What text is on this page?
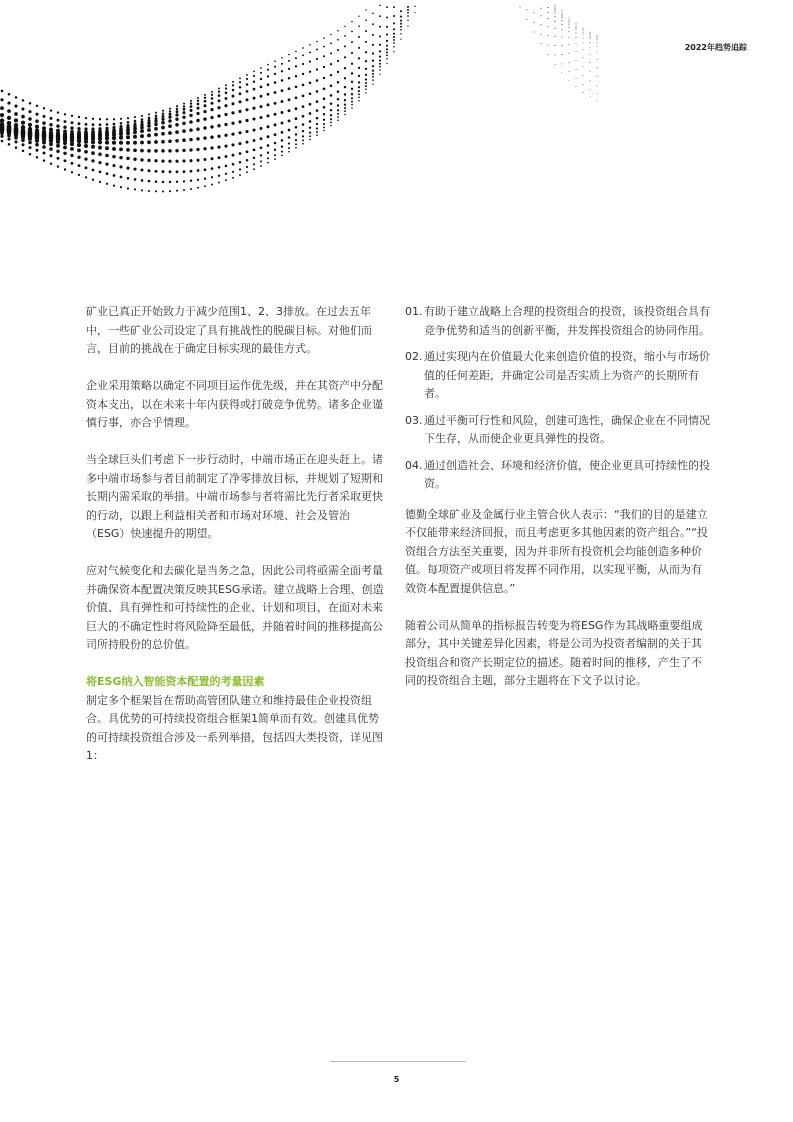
2022年趋势追踪

矿业已真正开始致力于减少范围1、2、3排放。在过去五年中，一些矿业公司设定了具有挑战性的脱碳目标。对他们而言，目前的挑战在于确定目标实现的最佳方式。

企业采用策略以确定不同项目运作优先级，并在其资产中分配资本支出，以在未来十年内获得或打破竞争优势。诸多企业谨慎行事，亦合乎情理。

当全球巨头们考虑下一步行动时，中端市场正在迎头赶上。诸多中端市场参与者目前制定了净零排放目标，并规划了短期和长期内需采取的举措。中端市场参与者将需比先行者采取更快的行动，以跟上利益相关者和市场对环境、社会及管治（ESG）快速提升的期望。

应对气候变化和去碳化是当务之急，因此公司将亟需全面考量并确保资本配置决策反映其ESG承诺。建立战略上合理、创造价值、具有弹性和可持续性的企业、计划和项目，在面对未来巨大的不确定性时将风险降至最低，并随着时间的推移提高公司所持股份的总价值。

将ESG纳入智能资本配置的考量因素

制定多个框架旨在帮助高管团队建立和维持最佳企业投资组合。具优势的可持续投资组合框架1简单而有效。创建具优势的可持续投资组合涉及一系列举措，包括四大类投资，详见图1：

01. 有助于建立战略上合理的投资组合的投资，该投资组合具有竞争优势和适当的创新平衡，并发挥投资组合的协同作用。
02. 通过实现内在价值最大化来创造价值的投资，缩小与市场价值的任何差距，并确定公司是否实质上为资产的长期所有者。
03. 通过平衡可行性和风险，创建可选性，确保企业在不同情况下生存，从而使企业更具弹性的投资。
04. 通过创造社会、环境和经济价值，使企业更具可持续性的投资。

德勤全球矿业及金属行业主管合伙人表示：“我们的目的是建立不仅能带来经济回报，而且考虑更多其他因素的资产组合。”“投资组合方法至关重要，因为并非所有投资机会均能创造多种价值。每项资产或项目将发挥不同作用，以实现平衡，从而为有效资本配置提供信息。”

随着公司从简单的指标报告转变为将ESG作为其战略重要组成部分，其中关键差异化因素，将是公司为投资者编制的关于其投资组合和资产长期定位的描述。随着时间的推移，产生了不同的投资组合主题，部分主题将在下文予以讨论。

5
